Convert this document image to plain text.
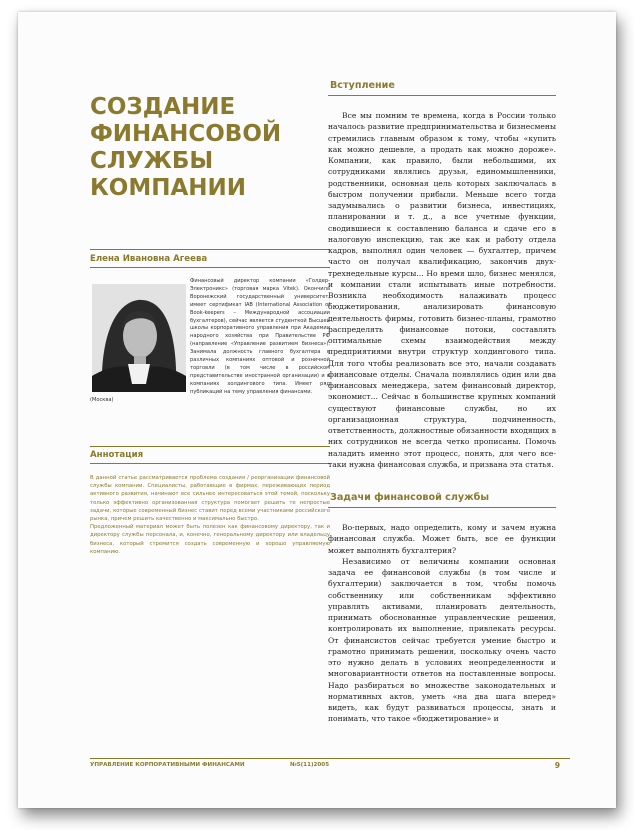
СОЗДАНИЕ
ФИНАНСОВОЙ
СЛУЖБЫ
КОМПАНИИ
Елена Ивановна Агеева
Финансовый директор компании «Голдер-Электроникс» (торговая марка Vitek). Окончила Воронежский государственный университет, имеет сертификат IAB (International Association of Book-keepers – Международной ассоциации бухгалтеров), сейчас является студенткой Высшей школы корпоративного управления при Академии народного хозяйства при Правительстве РФ (направление «Управление развитием бизнеса»). Занимала должность главного бухгалтера в различных компаниях оптовой и розничной торговли (в том числе в российском представительстве иностранной организации) и в компаниях холдингового типа. Имеет ряд публикаций на тему управления финансами.
(Москва)
Аннотация
В данной статье рассматривается проблема создания / реорганизации финансовой службы компании. Специалисты, работающие в фирмах, переживающих период активного развития, начинают все сильнее интересоваться этой темой, поскольку только эффективно организованная структура помогает решить те непростые задачи, которые современный бизнес ставит перед всеми участниками российского рынка, причем решить качественно и максимально быстро.
Предложенный материал может быть полезен как финансовому директору, так и директору службы персонала, и, конечно, генеральному директору или владельцу бизнеса, который стремится создать современную и хорошо управляемую компанию.
Вступление

Все мы помним те времена, когда в России только началось развитие предпринимательства и бизнесмены стремились главным образом к тому, чтобы «купить как можно дешевле, а продать как можно дороже». Компании, как правило, были небольшими, их сотрудниками являлись друзья, единомышленники, родственники, основная цель которых заключалась в быстром получении прибыли. Меньше всего тогда задумывались о развитии бизнеса, инвестициях, планировании и т. д., а все учетные функции, сводившиеся к составлению баланса и сдаче его в налоговую инспекцию, так же как и работу отдела кадров, выполнял один человек — бухгалтер, причем часто он получал квалификацию, закончив двух-трехнедельные курсы... Но время шло, бизнес менялся, и компании стали испытывать иные потребности. Возникла необходимость налаживать процесс бюджетирования, анализировать финансовую деятельность фирмы, готовить бизнес-планы, грамотно распределять финансовые потоки, составлять оптимальные схемы взаимодействия между предприятиями внутри структур холдингового типа. Для того чтобы реализовать все это, начали создавать финансовые отделы. Сначала появлялись один или два финансовых менеджера, затем финансовый директор, экономист... Сейчас в большинстве крупных компаний существуют финансовые службы, но их организационная структура, подчиненность, ответственность, должностные обязанности входящих в них сотрудников не всегда четко прописаны. Помочь наладить именно этот процесс, понять, для чего все-таки нужна финансовая служба, и призвана эта статья.

Задачи финансовой службы

Во-первых, надо определить, кому и зачем нужна финансовая служба. Может быть, все ее функции может выполнять бухгалтерия?

Независимо от величины компании основная задача ее финансовой службы (в том числе и бухгалтерии) заключается в том, чтобы помочь собственнику или собственникам эффективно управлять активами, планировать деятельность, принимать обоснованные управленческие решения, контролировать их выполнение, привлекать ресурсы. От финансистов сейчас требуется умение быстро и грамотно принимать решения, поскольку очень часто это нужно делать в условиях неопределенности и многовариантности ответов на поставленные вопросы. Надо разбираться во множестве законодательных и нормативных актов, уметь «на два шага вперед» видеть, как будут развиваться процессы, знать и понимать, что такое «бюджетирование» и

УПРАВЛЕНИЕ КОРПОРАТИВНЫМИ ФИНАНСАМИ	№5(11)2005	9
